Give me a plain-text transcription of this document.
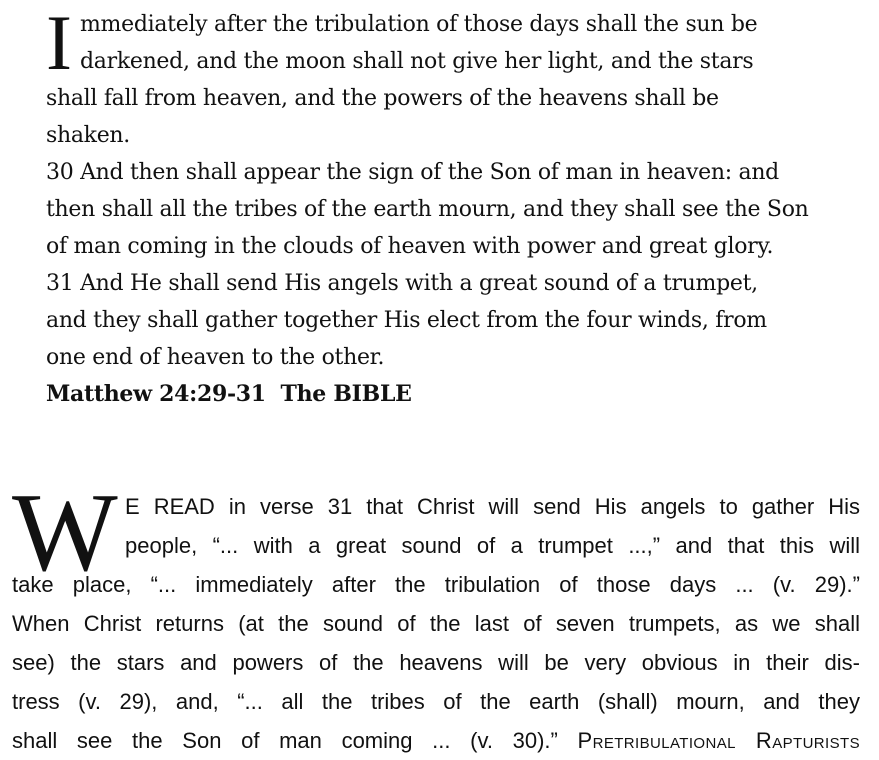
I mmediately after the tribulation of those days shall the sun be
darkened, and the moon shall not give her light, and the stars
shall fall from heaven, and the powers of the heavens shall be
shaken.
30 And then shall appear the sign of the Son of man in heaven: and
then shall all the tribes of the earth mourn, and they shall see the Son
of man coming in the clouds of heaven with power and great glory.
31 And He shall send His angels with a great sound of a trumpet,
and they shall gather together His elect from the four winds, from
one end of heaven to the other.
Matthew 24:29-31  The BIBLE
W E READ in verse 31 that Christ will send His angels to gather His
people, “... with a great sound of a trumpet ...,” and that this will
take place, “... immediately after the tribulation of those days ... (v. 29).”
When Christ returns (at the sound of the last of seven trumpets, as we shall
see) the stars and powers of the heavens will be very obvious in their dis-
tress (v. 29), and, “... all the tribes of the earth (shall) mourn, and they
shall see the Son of man coming ... (v. 30).” Pretribulational Rapturists
